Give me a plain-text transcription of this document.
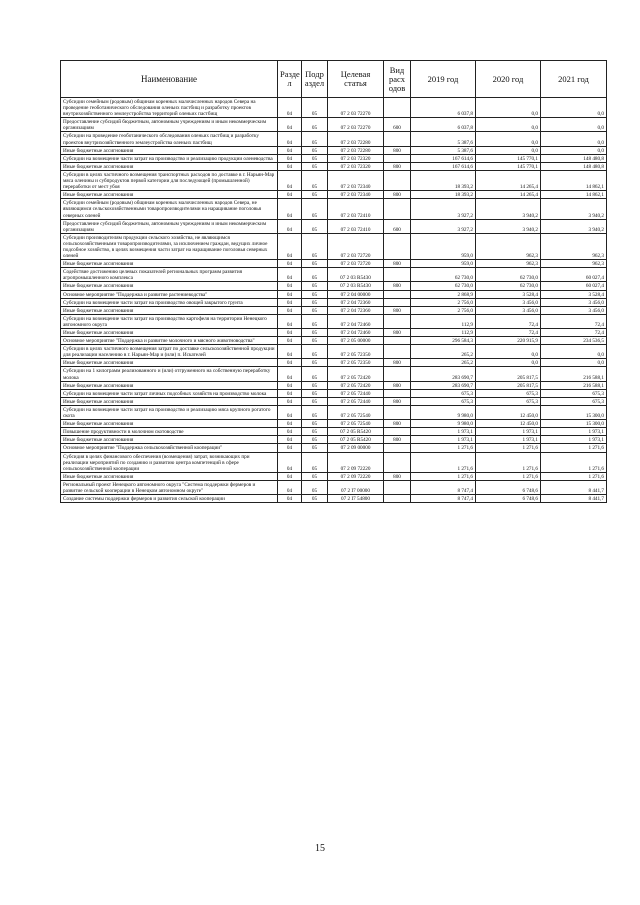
Наименование	Разде л	Подр аздел	Целевая статья	Вид расх одов	2019 год	2020 год	2021 год
Субсидии семейным (родовым) общинам коренных малочисленных народов Севера на проведение геоботанического обследования оленьих пастбищ и разработку проектов внутрихозяйственного землеустройства территорий оленьих пастбищ	04	05	07 2 03 72270		6 037,8	0,0	0,0
Предоставление субсидий бюджетным, автономным учреждениям и иным некоммерческим организациям	04	05	07 2 03 72270	600	6 037,8	0,0	0,0
Субсидии на проведение геоботанического обследования оленьих пастбищ и разработку проектов внутрихозяйственного землеустройства оленьих пастбищ	04	05	07 2 03 72280		5 387,6	0,0	0,0
Иные бюджетные ассигнования	04	05	07 2 03 72280	800	5 387,6	0,0	0,0
Субсидии на возмещение части затрат на производство и реализацию продукции оленеводства	04	05	07 2 03 72320		167 614,6	145 770,1	148 480,8
Иные бюджетные ассигнования	04	05	07 2 03 72320	800	167 614,6	145 770,1	148 480,8
Субсидии в целях частичного возмещения транспортных расходов по доставке в г. Нарьян-Мар мяса оленины и субпродуктов первой категории для последующей (промышленной) переработки от мест убоя	04	05	07 2 03 72340		18 393,2	14 265,4	14 862,1
Иные бюджетные ассигнования	04	05	07 2 03 72340	800	18 393,2	14 265,4	14 862,1
Субсидии семейным (родовым) общинам коренных малочисленных народов Севера, не являющимся сельскохозяйственными товаропроизводителями на наращивание поголовья северных оленей	04	05	07 2 03 72410		3 927,2	3 940,2	3 940,2
Предоставление субсидий бюджетным, автономным учреждениям и иным некоммерческим организациям	04	05	07 2 03 72410	600	3 927,2	3 940,2	3 940,2
Субсидии производителям продукции сельского хозяйства, не являющимся сельскохозяйственными товаропроизводителями, за исключением граждан, ведущих личное подсобное хозяйство, в целях возмещения части затрат на наращивание поголовья северных оленей	04	05	07 2 03 72720		959,0	962,3	962,3
Иные бюджетные ассигнования	04	05	07 2 03 72720	800	959,0	962,3	962,3
Содействие достижению целевых показателей региональных программ развития агропромышленного комплекса	04	05	07 2 03 R5430		62 730,0	62 730,0	60 027,4
Иные бюджетные ассигнования	04	05	07 2 03 R5430	800	62 730,0	62 730,0	60 027,4
Основное мероприятие "Поддержка и развитие растениеводства"	04	05	07 2 04 00000		2 868,9	3 528,4	3 528,4
Субсидии на возмещение части затрат на производство овощей закрытого грунта	04	05	07 2 04 72360		2 756,0	3 456,0	3 456,0
Иные бюджетные ассигнования	04	05	07 2 04 72360	800	2 756,0	3 456,0	3 456,0
Субсидии на возмещение части затрат на производство картофеля на территории Ненецкого автономного округа	04	05	07 2 04 72460		112,9	72,4	72,4
Иные бюджетные ассигнования	04	05	07 2 04 72460	800	112,9	72,4	72,4
Основное мероприятие "Поддержка и развитие молочного и мясного животноводства"	04	05	07 2 05 00000		296 584,3	220 915,9	234 536,5
Субсидии в целях частичного возмещения затрат по доставке сельскохозяйственной продукции для реализации населению в г. Нарьян-Мар и (или) п. Искателей	04	05	07 2 05 72350		265,2	0,0	0,0
Иные бюджетные ассигнования	04	05	07 2 05 72350	800	265,2	0,0	0,0
Субсидии на 1 килограмм реализованного и (или) отгруженного на собственную переработку молока	04	05	07 2 05 72420		283 690,7	205 817,5	216 588,1
Иные бюджетные ассигнования	04	05	07 2 05 72420	800	283 690,7	205 817,5	216 588,1
Субсидии на возмещение части затрат личных подсобных хозяйств на производство молока	04	05	07 2 05 72440		675,3	675,3	675,3
Иные бюджетные ассигнования	04	05	07 2 05 72440	800	675,3	675,3	675,3
Субсидии на возмещение части затрат на производство и реализацию мяса крупного рогатого скота	04	05	07 2 05 72540		9 980,0	12 450,0	15 300,0
Иные бюджетные ассигнования	04	05	07 2 05 72540	800	9 980,0	12 450,0	15 300,0
Повышение продуктивности в молочном скотоводстве	04	05	07 2 05 R5420		1 973,1	1 973,1	1 973,1
Иные бюджетные ассигнования	04	05	07 2 05 R5420	800	1 973,1	1 973,1	1 973,1
Основное мероприятие "Поддержка сельскохозяйственной кооперации"	04	05	07 2 09 00000		1 271,6	1 271,6	1 271,6
Субсидия в целях финансового обеспечения (возмещения) затрат, возникающих при реализации мероприятий по созданию и развитию центра компетенций в сфере сельскохозяйственной кооперации	04	05	07 2 09 72220		1 271,6	1 271,6	1 271,6
Иные бюджетные ассигнования	04	05	07 2 09 72220	800	1 271,6	1 271,6	1 271,6
Региональный проект Ненецкого автономного округа "Система поддержки фермеров и развитие сельской кооперации в Ненецком автономном округе"	04	05	07 2 I7 00000		8 747,4	6 748,6	8 441,7
Создание системы поддержки фермеров и развития сельской кооперации	04	05	07 2 I7 54800		8 747,4	6 748,6	8 441,7
15
